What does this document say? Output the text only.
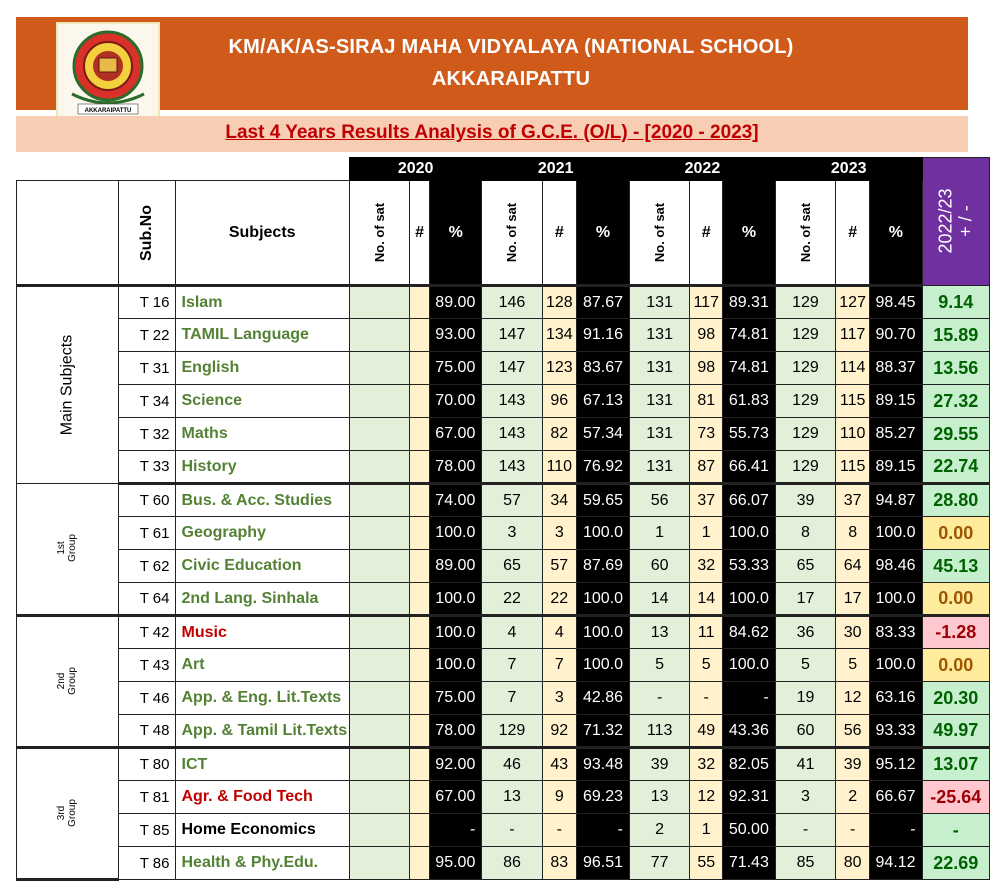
AKKARAIPATTU
KM/AK/AS-SIRAJ MAHA VIDYALAYA (NATIONAL SCHOOL)
AKKARAIPATTU
Last 4 Years Results Analysis of G.C.E. (O/L) - [2020 - 2023]
			2020			2021			2022			2023			2022/23
+ / -
	Sub.No	Subjects	No. of sat	#	%	No. of sat	#	%	No. of sat	#	%	No. of sat	#	%	
Main Subjects	T 16	Islam			89.00	146	128	87.67	131	117	89.31	129	127	98.45	9.14
	T 22	TAMIL Language			93.00	147	134	91.16	131	98	74.81	129	117	90.70	15.89
	T 31	English			75.00	147	123	83.67	131	98	74.81	129	114	88.37	13.56
	T 34	Science			70.00	143	96	67.13	131	81	61.83	129	115	89.15	27.32
	T 32	Maths			67.00	143	82	57.34	131	73	55.73	129	110	85.27	29.55
	T 33	History			78.00	143	110	76.92	131	87	66.41	129	115	89.15	22.74
1st
Group	T 60	Bus. & Acc. Studies			74.00	57	34	59.65	56	37	66.07	39	37	94.87	28.80
	T 61	Geography			100.0	3	3	100.0	1	1	100.0	8	8	100.0	0.00
	T 62	Civic Education			89.00	65	57	87.69	60	32	53.33	65	64	98.46	45.13
	T 64	2nd Lang. Sinhala			100.0	22	22	100.0	14	14	100.0	17	17	100.0	0.00
2nd
Group	T 42	Music			100.0	4	4	100.0	13	11	84.62	36	30	83.33	-1.28
	T 43	Art			100.0	7	7	100.0	5	5	100.0	5	5	100.0	0.00
	T 46	App. & Eng. Lit.Texts			75.00	7	3	42.86	-	-	-	19	12	63.16	20.30
	T 48	App. & Tamil Lit.Texts			78.00	129	92	71.32	113	49	43.36	60	56	93.33	49.97
3rd
Group	T 80	ICT			92.00	46	43	93.48	39	32	82.05	41	39	95.12	13.07
	T 81	Agr. & Food Tech			67.00	13	9	69.23	13	12	92.31	3	2	66.67	-25.64
	T 85	Home Economics			-	-	-	-	2	1	50.00	-	-	-	-
	T 86	Health & Phy.Edu.			95.00	86	83	96.51	77	55	71.43	85	80	94.12	22.69
